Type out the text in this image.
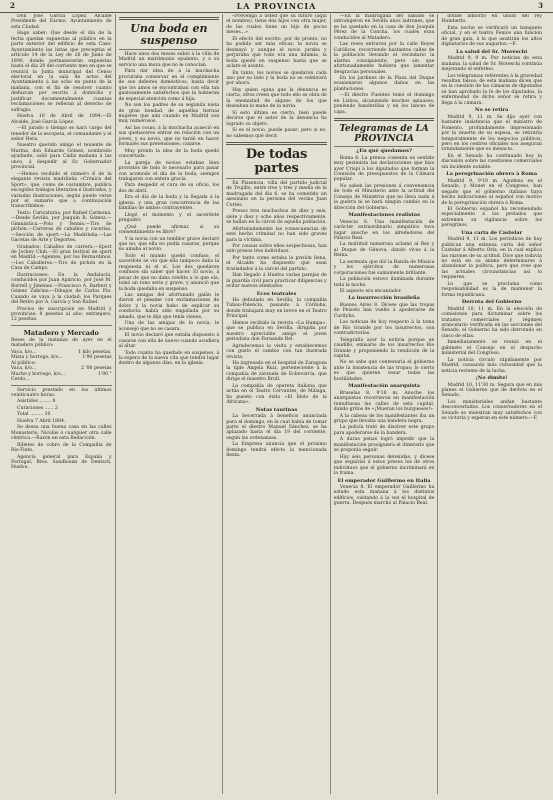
2	LA PROVINCIA	3

Don José García López. Alcalde Presidente del Excmo. Ayuntamiento de esta Ciudad.

Hago saber: Que desde el día de la fecha quedan expuestas al público en la parte exterior del edificio de esta Casa-Ayuntamiento las listas que preceptúa el artículo 14 de la Ley de 26 de Junio de 1890, donde permanecerán expuestas hasta el día 20 del corriente mes en que se reunirá la Junta municipal del Censo electoral en la sala de actos del Ayuntamiento á las ocho en punto de la mañana, con el fin de resolver cuanto deduzcan por escrito á domicilio y justificar documentalmente cuantas reclamaciones se refieran al derecho de sufragio.

Huelva 10 de Abril de 1894.—El Alcalde, José García López.

—El jurado o tiempo se hará cargo del tenedor de la escopeta, el comandante y el señor Hera.

Nuestro querido amigo el teniente de Marina, don Eduardo Gómez, nombrado ayudante, salió para Cádiz mañana á las once, á despedir al Sr. Gobernador provincial.

—Hemos recibido el número 6 de la elegante revista madrileña «Crónica del Sport», que, como de costumbre, publica escogidos trabajos literarios é ilustrados, y variadas ilustraciones, según puede verse por el sumario que a continuación transcribimos:

Texto: Caricaturas, por Rafael Carmona.—Desde Sevilla, por Joaquín R. Gómez.—Gimnástica.—Polo y Tennis.—Tiro de pichón.—Carreras de caballos y cacerías.—Sección de sport.—La Madrileña.—Las Gacetas de Arte y Deportes.

Grabados: Caballos de carrera.—Sport de Jockey Club.—El gran festival de sport en Madrid.—Agentes, por los Bernardinos.—Los Caballeros.—Tiro de pichón en la Casa de Campo.

Ilustraciones: En la Andalucía, conducidos por Juan Aparicio, por José M. Borrell y Jiménez.—Francisco A. Barberí y Gómez Zabrino.—Dibujos de Carlos Pío. Cuando se vaya á la ciudad; los Parques del Retiro por A. García y San Rafael.

Precios de suscripción en Madrid y provincias: 8 pesetas al año; extranjero, 12 pesetas.

Matadero y Mercado

Reses de la matanza de ayer en el matadero público:

Vaca, k/o...	1 kilo pesetas.
Mixta y borrego, k/o...	1'90 pesetas
Al público:
Vaca, k/o...	2 '00 pesetas
Macho y borrego, k/o...	1'90 "
Cerdo...

Servicio prestado en los últimos veinticuatro horas:

Asistidos ........ 8

Curaciones ...... 2

Total ......... 10

Huelva 7 Abril 1894.

Se desea una buena casa en las calles Monasterio, Nicolás ó cualquier otra calle céntrica.—Razón en esta Redacción.

Billetes de cobro de la Compañía de Río-Tinto.

Agencia general para España y Portugal, Bres. Sandbaum de Dentsch, Huelva.

Una boda en suspenso

Hace unos dos meses subió á la villa de Madrid un matrimonio opulento, y a su servicio una moza que no le conocían.

Para dar idea de á la muchacha procuraba conservar en el cumplimiento de sus deberes domésticos, basta decir que los amos se encontraban con ella tan gustosamente satisfechos que la hubieran de especial atención como á hija.

No son los padres de su segunda nieta de gran bondad, de aquellas tiernas mujeres que aún cuando en Madrid son muy numerosos.

Así las cosas, á la muchacha acaeció en sus quehaceres entrar en relación con un joven, y su novio, que no tardó en hacer formales sus pretensiones: casarse.

Muy pronto la idea de la boda quedó concertada.

La pareja de novios estaban bien provistos de todo lo necesario para pasar con acomodo el día de la boda, siempre trabajaron con entera gracia.

Para despedir el cura de su oficio, los dos de abril.

Era el día de la boda y la llegada á la iglesia, y una gran concurrencia de las familias de ambos contrayentes.

Llegó el momento y el sacerdote preguntó:

¿Qué puede afirmar, si su consentimiento es libre?

Y la novia con un temblor grave declaró que no; que ella no podía casarse, porque no amaba al novio.

Todo el mundo quedó confuso, el sacerdote se vió que ella tampoco daba la respuesta ni el sí. Los dos quedaron confusos sin saber qué hacer. El novio, á pesar de que no daba crédito a lo que oía, tomó un tono serio y grave, y anunció que la boda quedaba en suspenso.

Las amigas del afortunado galán le dieron el pésame con exclamaciones de dolor, y la novia hubo de explicar su conducta: había sido engañada por su amado, que le dijo que tenía vienes.

Una de las amigas de la novia, le aconsejó que no se casara.

El novio declaró que estaba dispuesto á casarse con ella de nuevo cuando acudiera al altar.

Todo cuanto ha quedado en suspenso, á la espera de la nueva cita que tendrá lugar dentro de algunos días, en la iglesia.

«Prevenga á usted que su futuro (aquí el nombre), tiene dos hijos con otra mujer, de las cuales tiene un hijo de pocos meses...»

El efecto del escrito, por de pronto, no ha podido ser más eficaz; la novia se desmayó y aunque el novio juraba y perjuraba que todo era una infamia, la boda quedó en suspenso hasta que se aclare el asunto.

En tanto, los novios se quedaron cada uno por su lado y la boda no se celebrará por ahora.

Hay quien opina que la denuncia es cierta, otros creen que todo ello es obra de la enemistad de alguno de los que deseaban la mano de la novia.

Si esto último es cierto, bien puede decirse que el autor de la denuncia ha logrado su objeto.

Si es el novio, puede pasar; pero si no, no sabemos qué decir.

De todas partes

En Plasencia, villa del partido judicial de Trujillo, entre tres y tres y media de la madrugada del día 6, se ha cometido un asesinato en la persona del vecino Juan Cortés.

Presos tres muchachos de diez y seis, siete y diez y ocho años respectivamente, se hallan en la cárcel de aquella población.

Afortunadamente las consecuencias de este hecho criminal no han sido graves para la víctima.

Por causas sobre ellos sospechosas, han sido presos tres individuos.

Por tanto como estaba la prisión llena, el Alcalde ha dispuesto que sean trasladados á la cárcel del partido.

Han llegado á Huelva varias parejas de la guardia civil para practicar diligencias y evitar nuevos atentados.

Ecos teatrales

Ha debutado en Sevilla, la compañía Tubau-Palencia, pasando á Córdoba, donde trabajará muy en breve en el Teatro Principal.

Hemos recibido la revista «La Hampa», que se publica en Sevilla, dirigida por nuestro apreciable amigo el joven periodista don Fernando Bel.

Agradecemos la visita y establecemos con gusto el cambio con tan ilustrada revista.

Ha ingresado en el hospital de Zaragoza la tiple Ángela Ruiz, perteneciente á la compañía de zarzuela de Echevarría, que dirige el maestro Brull.

La compañía de opereta italiana que actúa en el Teatro Cervantes, de Málaga, ha puesto con éxito «El Ídolo de la Africana».

Notas taurinas

La becerrada á beneficio anunciada para el domingo, en la cual había de tomar parte el diestro Manuel Sánchez, se ha aplazado hasta el día 19 del corriente, según las ordenanzas.

La Empresa anuncia que el próximo domingo tendrá efecto la mencionada fiesta.

—En la madrugada del sábado se introdujeron en Sevilla unos ladrones, que se ha quedado en la casa de don Joaquín Pérez de la Concha, los cuales eran conducidos al Matadero.

Las reses entraron por la calle Reyes Católicos, recorriendo bastantes calles de la población llevando el vecindario la alarma consiguiente, pero sin que afortunadamente hubiera que lamentar desgracias personales.

En los jardines de la Plaza del Duque ocasionaron algunos daños en las plantaciones.

—El diestro Fuentes tomó el domingo en Lisboa, alcanzando muchos aplausos; poniendo banderillas y en los lances de capa.

Telegramas de LA PROVINCIA
¿En qué quedamos?

Roma 8. La prensa comenta en sentido muy pesimista las declaraciones que hizo ayer Crispi á los diputados que forman la Comisión de presupuestos de la Cámara popular.

No saben las presiones á conveniencia de todo el Ministerio ante la actitud del Consejo de Ministros que no lleva nada á la guerra ni se hará ningún cambio en la dirección del Gobierno.

Manifestaciones realistas

Venecia 8. Una manifestación de carácter extraordinario simpático tuvo lugar anoche en los alrededores del Palacio Real.

La multitud numerosa aclamó al Rey y al Duque de Génova, dando vivas á la Reina.

La serenata que dió la Banda de Música y los ejércitos de numerosas corporaciones fué sumamente brillante.

La población estuvo iluminada durante toda la noche.

El aspecto era encantador.

La insurrección brasileña

Buenos Aires 8. Dícese que las tropas de Peixoto han vuelto á apoderarse de Curityba.

Las noticias de hoy respecto á la toma de Río Grande por los insurrectos, son contradictorias.

Telegrafía ayer la noticia porque un caudillo, emisario de los insurrectos Rio Grande y proponiendo la rendición de la capital.

No se sabe qué contestaría el gobierno ante la insistencia de las tropas; lo cierto es que quieren cesar todas las hostilidades.

Manifestación anarquista

Bruselas 8, 9'10 m. Anoche los anarquistas recorrieron en manifestación tumultuosa las calles de esta capital, dando gritos de «¡Mueran los burgueses!»

A la cabeza de los manifestantes iba un grupo que llevaba una bandera negra.

La policía trató de disolver este grupo para apoderarse de la bandera.

A duras penas logró impedir que la manifestación prosiguiera el itinerario que se proponía seguir.

Hay seis personas detenidas, y dícese que seguirán á estos presos los de otros individuos que el gobierno incriminará en la trama.

El emperador Guillermo en Italia

Venecia 8. El emperador Guillermo ha estado esta mañana á los distintos edificios, visitando á la vez el hospital de guerra. Después marchó al Palacio Real.

donde almorzó en unión del rey Humberto.

Esta noche se verificará un banquete oficial, y en el teatro Fenice una función de gran gala, á la que asistirán los altos dignatarios de sus augustos.—F.

La salud del Sr. Moreschi

Madrid 9, 9 m. Por noticias de esta mañana, la salud de Sr. Moreschi continúa mejorando el enfermo.

Los telegramas referentes á la gravedad resultan falsos; de esta mañana dicen que en la cuestión de las cámaras de diputados se han aprobado la fe de los diputados, la enfermedad de dicho señor se retira y llega á la cámara.

No se retira

Madrid 9, 11 m. Se dijo ayer con bastante insistencia que el ministro de Fomento, profundamente impresionado por la muerte de su esposa, se retiraría temporalmente de los negocios públicos, pero en los centros oficiales nos aseguran rotundamente que es inexacto.

En el Senado ha continuado hoy la discusión sobre las cuestiones comerciales sin incidente notable.

La peregrinación obrera á Roma

Madrid 9, 9'10 m. Agudeza en el Senado, y Monet en el Congreso, han negado que el gobierno italiano haya hecho indicaciones al español con motivo de la peregrinación obrera á Roma.

El Gobierno español ha recomendado especialmente á los prelados que extremen su vigilancia sobre los peregrinos.

Una carta de Castelar

Madrid 9, 11 m. Los periódicos de hoy publican una extensa carta del señor Castelar á Alberto Oria, en la cual explica las razones de su actitud. Dice que todavía no está en su ánimo determinarse á abandonar la política, pero que cree que las actuales circunstancias así lo requieren.

Lo que se proclama como responsabilidad es la de mantener la forma republicana.

Derrota del Gobierno

Madrid 10, 11 m. En la elección de comisiones para dictaminar sobre los tratados comerciales y régimen arancelario verificada en las secciones del Senado, el Gobierno ha sido derrotado en cinco de ellas.

Inmediatamente se reunió en el gabinete el Consejo en el despacho ministerial del Congreso.

La noticia circuló rápidamente por Madrid, causando más curiosidad que la noticia reciente de la lucha.

¡No dimite!

Madrid 10, 11'30 m. Segura que en mis planes el Gobierno que de derrota en el Senado.

Los ministeriales andan bastante desconcertados. Los conservadores en el Senado se muestran muy satisfechos con su victoria y esperan en este número.—F.
